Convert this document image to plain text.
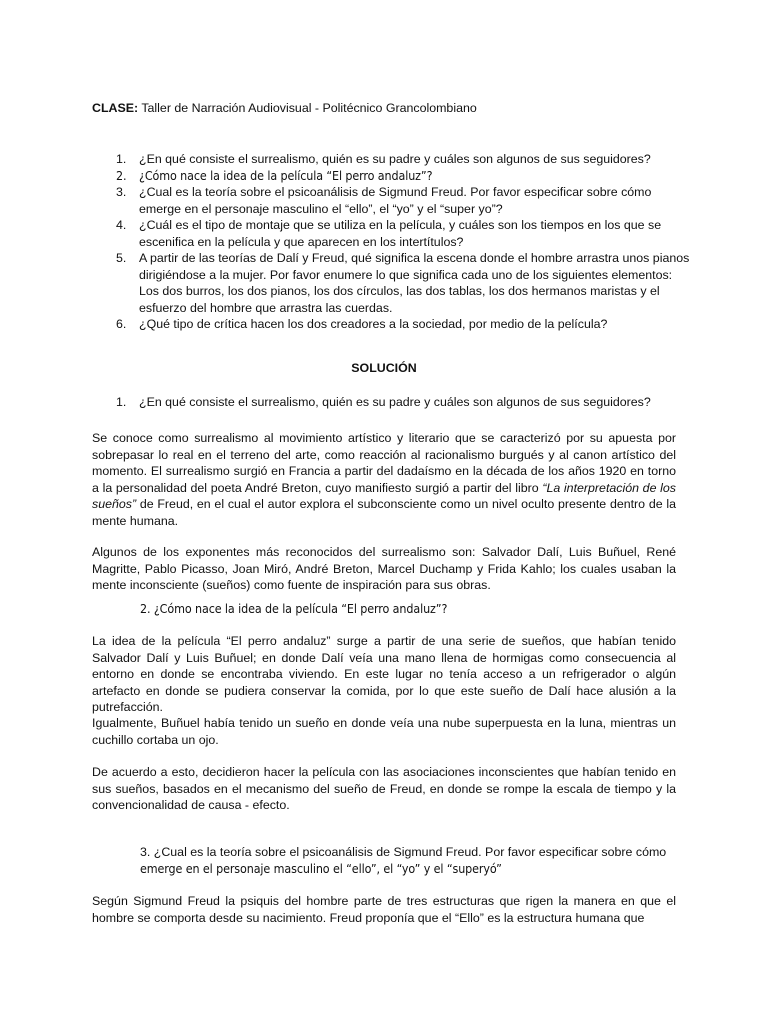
CLASE: Taller de Narración Audiovisual - Politécnico Grancolombiano
1. ¿En qué consiste el surrealismo, quién es su padre y cuáles son algunos de sus seguidores?
2. ¿Cómo nace la idea de la película “El perro andaluz”?
3. ¿Cual es la teoría sobre el psicoanálisis de Sigmund Freud. Por favor especificar sobre cómo emerge en el personaje masculino el “ello”, el “yo” y el “super yo”?
4. ¿Cuál es el tipo de montaje que se utiliza en la película, y cuáles son los tiempos en los que se escenifica en la película y que aparecen en los intertítulos?
5. A partir de las teorías de Dalí y Freud, qué significa la escena donde el hombre arrastra unos pianos dirigiéndose a la mujer. Por favor enumere lo que significa cada uno de los siguientes elementos: Los dos burros, los dos pianos, los dos círculos, las dos tablas, los dos hermanos maristas y el esfuerzo del hombre que arrastra las cuerdas.
6. ¿Qué tipo de crítica hacen los dos creadores a la sociedad, por medio de la película?
SOLUCIÓN
1. ¿En qué consiste el surrealismo, quién es su padre y cuáles son algunos de sus seguidores?
Se conoce como surrealismo al movimiento artístico y literario que se caracterizó por su apuesta por sobrepasar lo real en el terreno del arte, como reacción al racionalismo burgués y al canon artístico del momento. El surrealismo surgió en Francia a partir del dadaísmo en la década de los años 1920 en torno a la personalidad del poeta André Breton, cuyo manifiesto surgió a partir del libro “La interpretación de los sueños” de Freud, en el cual el autor explora el subconsciente como un nivel oculto presente dentro de la mente humana.
Algunos de los exponentes más reconocidos del surrealismo son: Salvador Dalí, Luis Buñuel, René Magritte, Pablo Picasso, Joan Miró, André Breton, Marcel Duchamp y Frida Kahlo; los cuales usaban la mente inconsciente (sueños) como fuente de inspiración para sus obras.
2. ¿Cómo nace la idea de la película “El perro andaluz”?
La idea de la película “El perro andaluz” surge a partir de una serie de sueños, que habían tenido Salvador Dalí y Luis Buñuel; en donde Dalí veía una mano llena de hormigas como consecuencia al entorno en donde se encontraba viviendo. En este lugar no tenía acceso a un refrigerador o algún artefacto en donde se pudiera conservar la comida, por lo que este sueño de Dalí hace alusión a la putrefacción.
Igualmente, Buñuel había tenido un sueño en donde veía una nube superpuesta en la luna, mientras un cuchillo cortaba un ojo.
De acuerdo a esto, decidieron hacer la película con las asociaciones inconscientes que habían tenido en sus sueños, basados en el mecanismo del sueño de Freud, en donde se rompe la escala de tiempo y la convencionalidad de causa - efecto.
3. ¿Cual es la teoría sobre el psicoanálisis de Sigmund Freud. Por favor especificar sobre cómo
emerge en el personaje masculino el “ello”, el “yo” y el “superyó”
Según Sigmund Freud la psiquis del hombre parte de tres estructuras que rigen la manera en que el hombre se comporta desde su nacimiento. Freud proponía que el “Ello” es la estructura humana que
